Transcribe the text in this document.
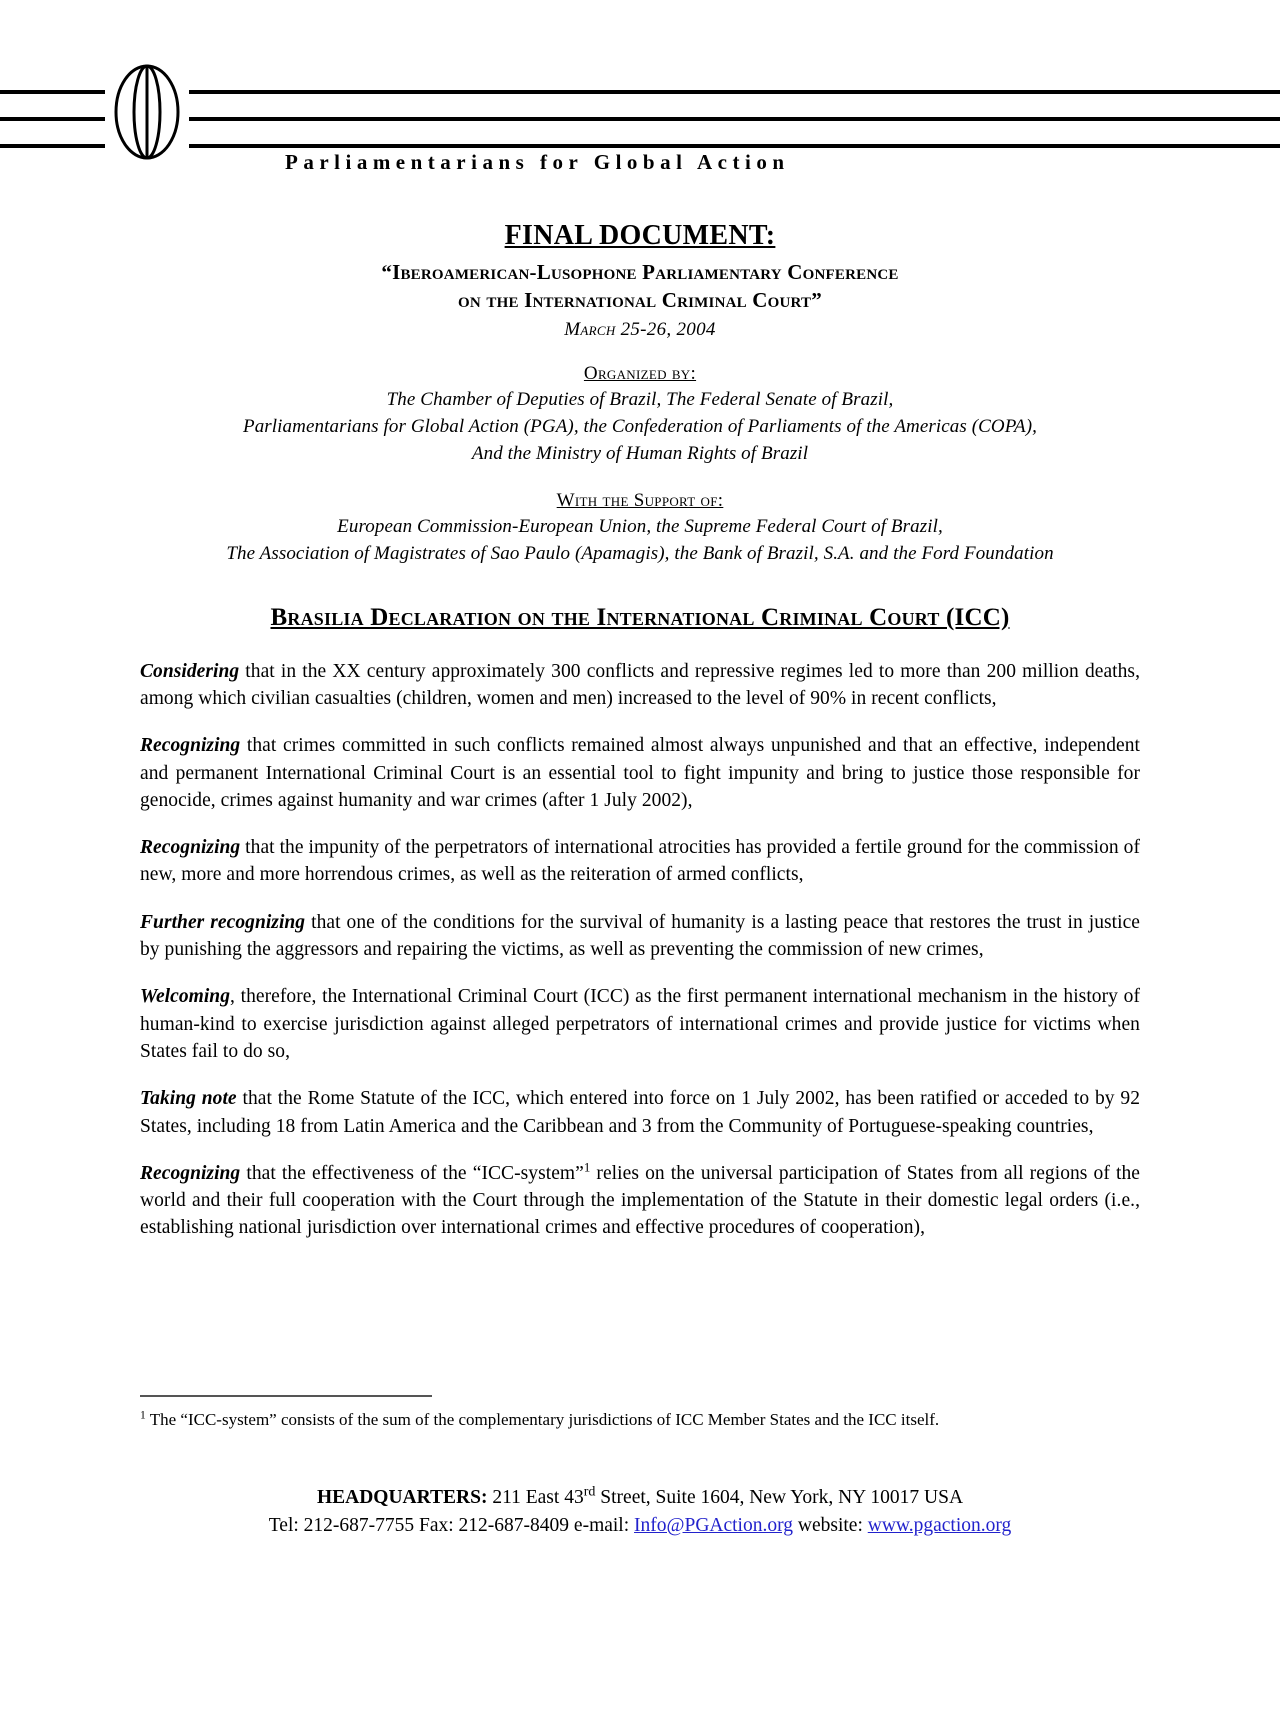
Parliamentarians for Global Action
FINAL DOCUMENT:
“Iberoamerican-Lusophone Parliamentary Conference
on the International Criminal Court”
March 25-26, 2004
Organized by:
The Chamber of Deputies of Brazil, The Federal Senate of Brazil,
Parliamentarians for Global Action (PGA), the Confederation of Parliaments of the Americas (COPA),
And the Ministry of Human Rights of Brazil
With the Support of:
European Commission-European Union, the Supreme Federal Court of Brazil,
The Association of Magistrates of Sao Paulo (Apamagis), the Bank of Brazil, S.A. and the Ford Foundation
Brasilia Declaration on the International Criminal Court (ICC)

Considering that in the XX century approximately 300 conflicts and repressive regimes led to more than 200 million deaths, among which civilian casualties (children, women and men) increased to the level of 90% in recent conflicts,

Recognizing that crimes committed in such conflicts remained almost always unpunished and that an effective, independent and permanent International Criminal Court is an essential tool to fight impunity and bring to justice those responsible for genocide, crimes against humanity and war crimes (after 1 July 2002),

Recognizing that the impunity of the perpetrators of international atrocities has provided a fertile ground for the commission of new, more and more horrendous crimes, as well as the reiteration of armed conflicts,

Further recognizing that one of the conditions for the survival of humanity is a lasting peace that restores the trust in justice by punishing the aggressors and repairing the victims, as well as preventing the commission of new crimes,

Welcoming, therefore, the International Criminal Court (ICC) as the first permanent international mechanism in the history of human-kind to exercise jurisdiction against alleged perpetrators of international crimes and provide justice for victims when States fail to do so,

Taking note that the Rome Statute of the ICC, which entered into force on 1 July 2002, has been ratified or acceded to by 92 States, including 18 from Latin America and the Caribbean and 3 from the Community of Portuguese-speaking countries,

Recognizing that the effectiveness of the “ICC-system”$^1$ relies on the universal participation of States from all regions of the world and their full cooperation with the Court through the implementation of the Statute in their domestic legal orders (i.e., establishing national jurisdiction over international crimes and effective procedures of cooperation),

$^1$ The “ICC-system” consists of the sum of the complementary jurisdictions of ICC Member States and the ICC itself.
HEADQUARTERS: 211 East 43rd Street, Suite 1604, New York, NY 10017 USA
Tel: 212-687-7755 Fax: 212-687-8409 e-mail: Info@PGAction.org website: www.pgaction.org
